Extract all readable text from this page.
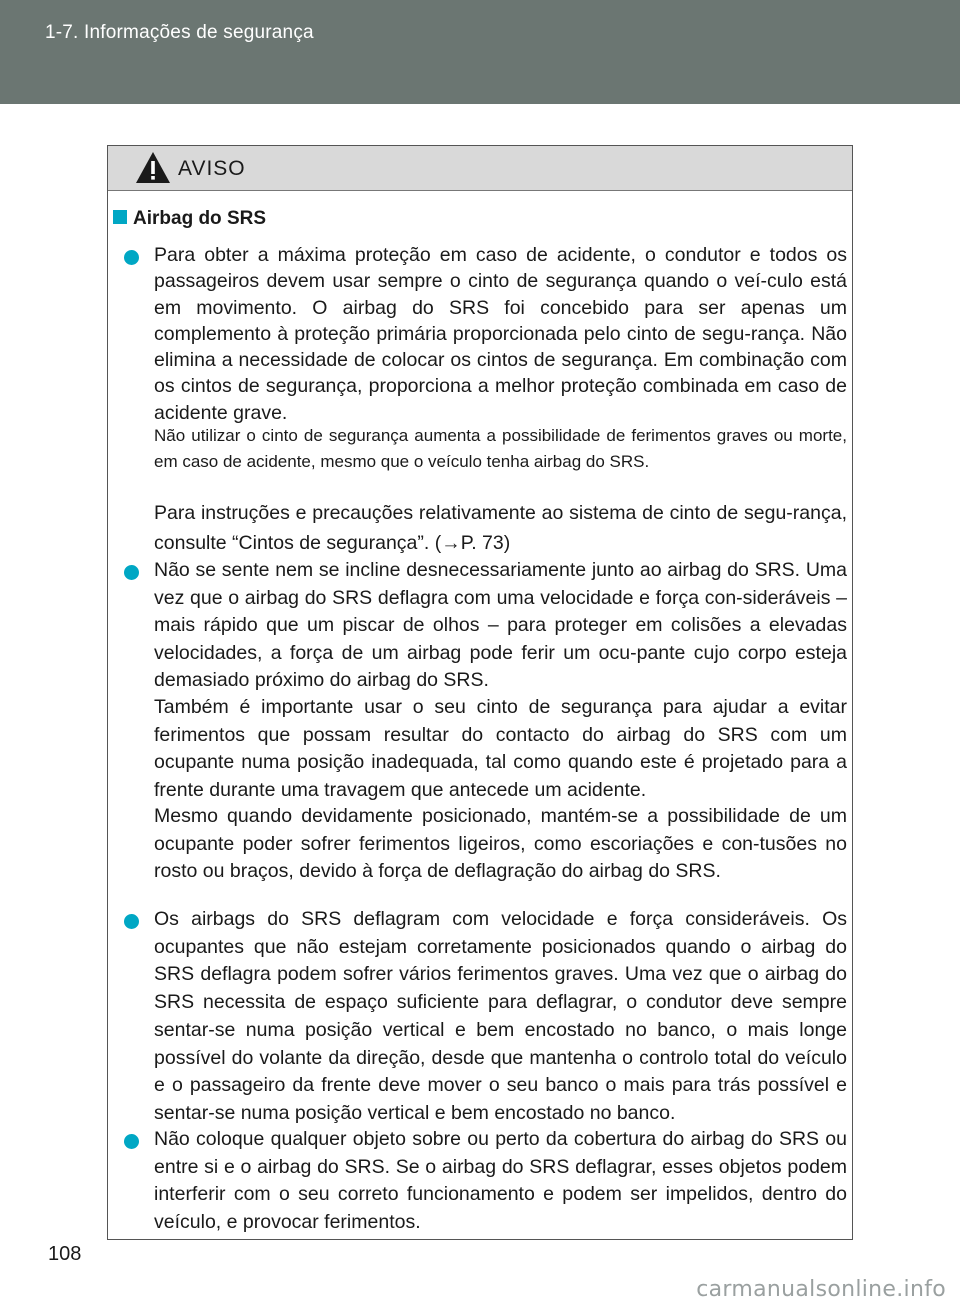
1-7. Informações de segurança
AVISO
Airbag do SRS

Para obter a máxima proteção em caso de acidente, o condutor e todos os passageiros devem usar sempre o cinto de segurança quando o veí-culo está em movimento. O airbag do SRS foi concebido para ser apenas um complemento à proteção primária proporcionada pelo cinto de segu-rança. Não elimina a necessidade de colocar os cintos de segurança. Em combinação com os cintos de segurança, proporciona a melhor proteção combinada em caso de acidente grave.

Não utilizar o cinto de segurança aumenta a possibilidade de ferimentos graves ou morte, em caso de acidente, mesmo que o veículo tenha airbag do SRS.

Para instruções e precauções relativamente ao sistema de cinto de segu-rança, consulte “Cintos de segurança”. (→P. 73)

Não se sente nem se incline desnecessariamente junto ao airbag do SRS. Uma vez que o airbag do SRS deflagra com uma velocidade e força con-sideráveis – mais rápido que um piscar de olhos – para proteger em colisões a elevadas velocidades, a força de um airbag pode ferir um ocu-pante cujo corpo esteja demasiado próximo do airbag do SRS.

Também é importante usar o seu cinto de segurança para ajudar a evitar ferimentos que possam resultar do contacto do airbag do SRS com um ocupante numa posição inadequada, tal como quando este é projetado para a frente durante uma travagem que antecede um acidente.

Mesmo quando devidamente posicionado, mantém-se a possibilidade de um ocupante poder sofrer ferimentos ligeiros, como escoriações e con-tusões no rosto ou braços, devido à força de deflagração do airbag do SRS.

Os airbags do SRS deflagram com velocidade e força consideráveis. Os ocupantes que não estejam corretamente posicionados quando o airbag do SRS deflagra podem sofrer vários ferimentos graves. Uma vez que o airbag do SRS necessita de espaço suficiente para deflagrar, o condutor deve sempre sentar-se numa posição vertical e bem encostado no banco, o mais longe possível do volante da direção, desde que mantenha o controlo total do veículo e o passageiro da frente deve mover o seu banco o mais para trás possível e sentar-se numa posição vertical e bem encostado no banco.

Não coloque qualquer objeto sobre ou perto da cobertura do airbag do SRS ou entre si e o airbag do SRS. Se o airbag do SRS deflagrar, esses objetos podem interferir com o seu correto funcionamento e podem ser impelidos, dentro do veículo, e provocar ferimentos.

108
carmanualsonline.info
